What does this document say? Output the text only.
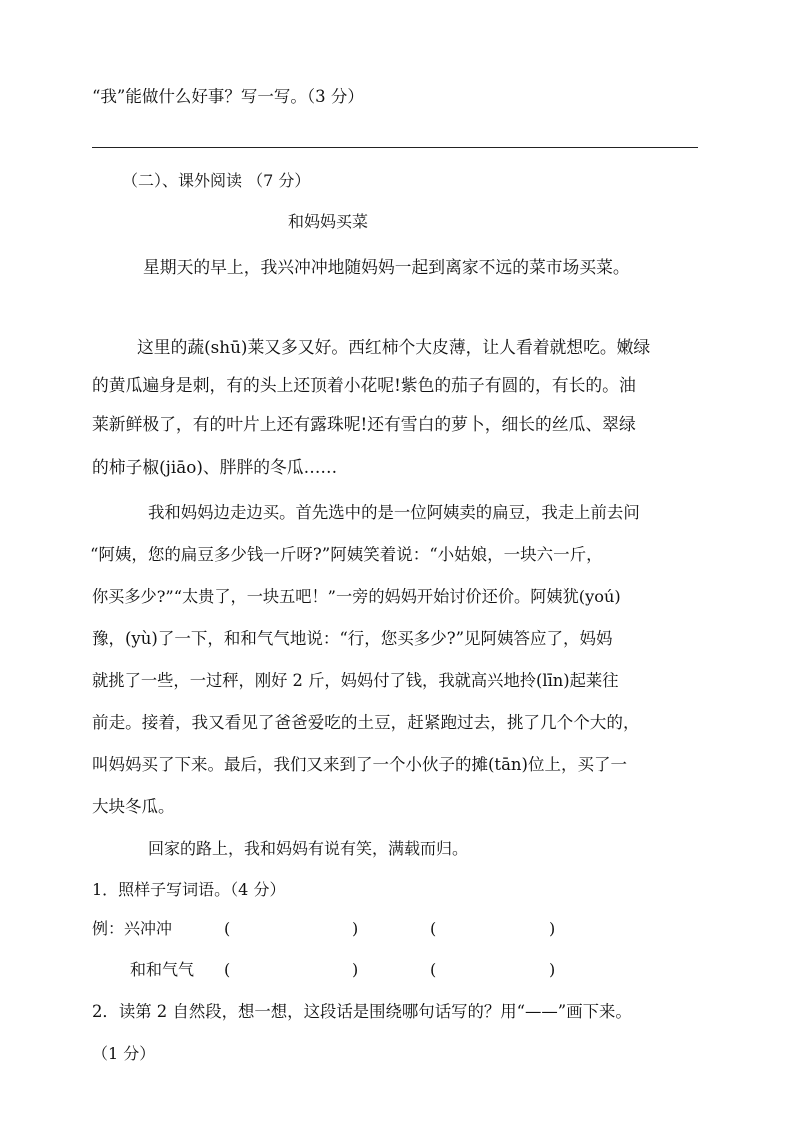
“我”能做什么好事？写一写。（3 分）
（二）、课外阅读 （7 分）
和妈妈买菜
星期天的早上，我兴冲冲地随妈妈一起到离家不远的菜市场买菜。
这里的蔬(shū)莱又多又好。西红柿个大皮薄，让人看着就想吃。嫩绿
的黄瓜遍身是刺，有的头上还顶着小花呢!紫色的茄子有圆的，有长的。油
莱新鲜极了，有的叶片上还有露珠呢!还有雪白的萝卜，细长的丝瓜、翠绿
的柿子椒(jiāo)、胖胖的冬瓜……
我和妈妈边走边买。首先选中的是一位阿姨卖的扁豆，我走上前去问
“阿姨，您的扁豆多少钱一斤呀?”阿姨笑着说：“小姑娘，一块六一斤，
你买多少?”“太贵了，一块五吧！”一旁的妈妈开始讨价还价。阿姨犹(yoú)
豫，(yù)了一下，和和气气地说：“行，您买多少?”见阿姨答应了，妈妈
就挑了一些，一过秤，刚好 2 斤，妈妈付了钱，我就高兴地拎(līn)起莱往
前走。接着，我又看见了爸爸爱吃的土豆，赶紧跑过去，挑了几个个大的，
叫妈妈买了下来。最后，我们又来到了一个小伙子的摊(tān)位上，买了一
大块冬瓜。
回家的路上，我和妈妈有说有笑，满载而归。
1．照样子写词语。（4 分）
例：兴冲冲	(	)	(	)
和和气气 (	)	(	)
2．读第 2 自然段，想一想，这段话是围绕哪句话写的？用“——”画下来。
（1 分）
